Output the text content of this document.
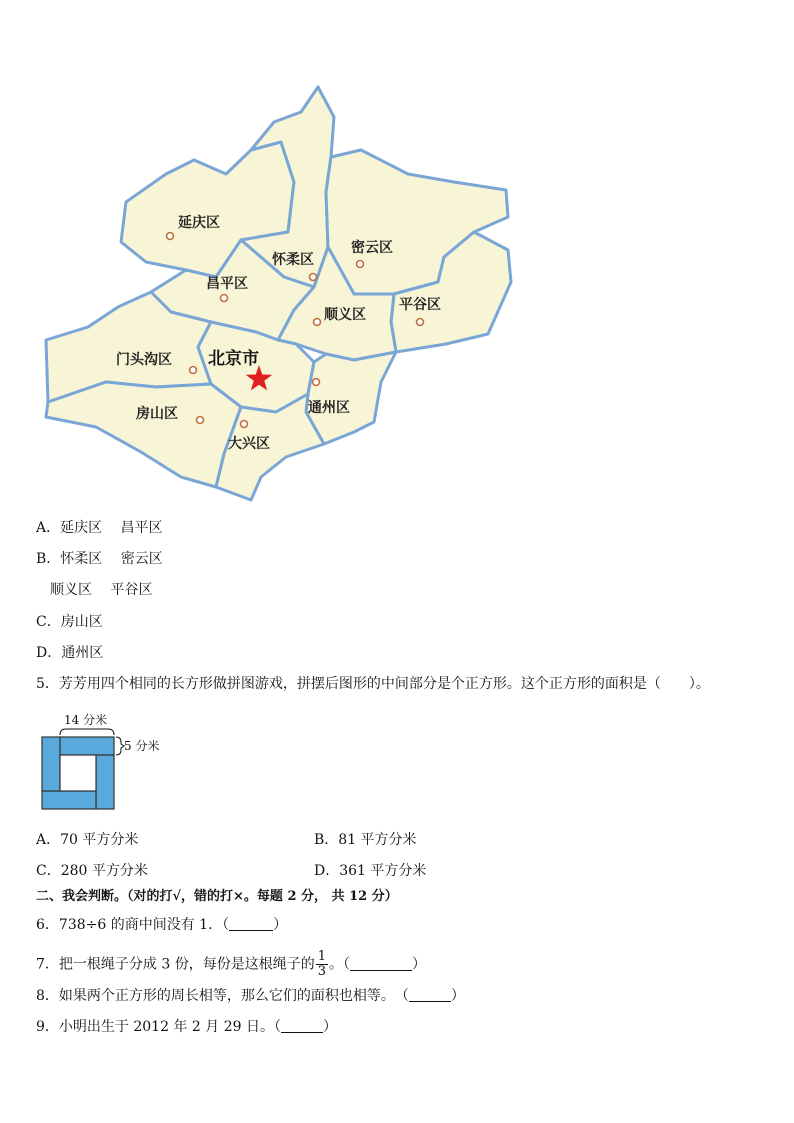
延庆区
怀柔区
密云区
昌平区
平谷区
顺义区
门头沟区 北京市
通州区
房山区
大兴区
A．延庆区　 昌平区
B．怀柔区　 密云区
　顺义区　 平谷区
C．房山区
D．通州区
5．芳芳用四个相同的长方形做拼图游戏，拼摆后图形的中间部分是个正方形。这个正方形的面积是（　　）。
14 分米
5 分米
A．70 平方分米	B．81 平方分米
C．280 平方分米	D．361 平方分米
二、我会判断。（对的打√，错的打×。每题 2 分， 共 12 分）
6．738÷6 的商中间没有 1．（	）
7．把一根绳子分成 3 份，每份是这根绳子的 $\frac{1}{3}$ 。（	）
8．如果两个正方形的周长相等，那么它们的面积也相等。　（	）
9．小明出生于 2012 年 2 月 29 日。（	）
